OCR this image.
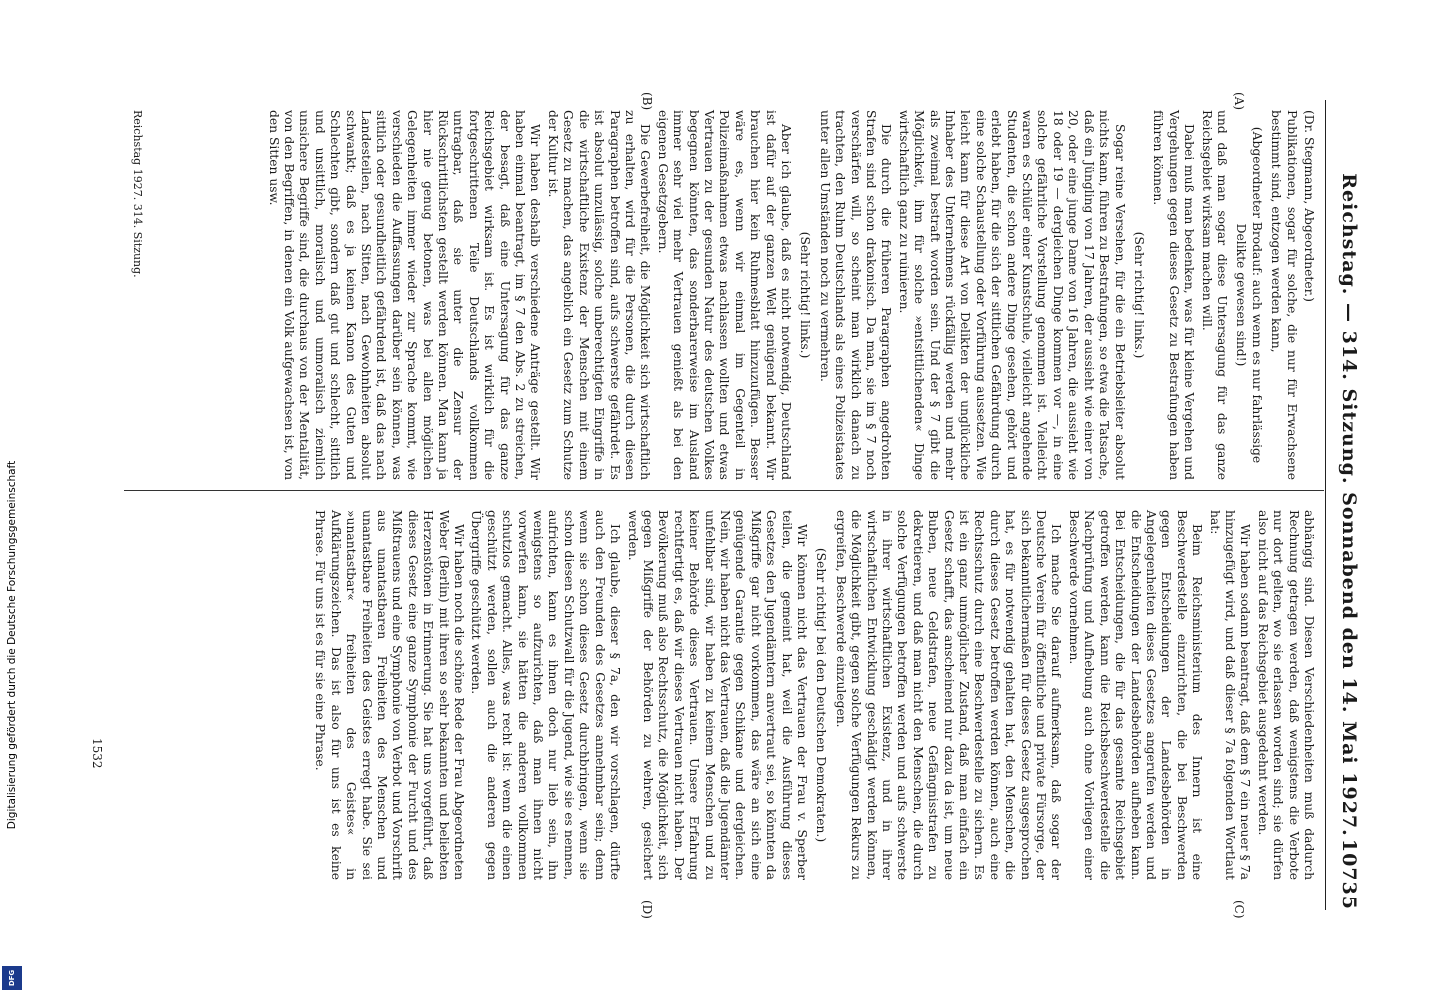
Reichstag. — 314. Sitzung. Sonnabend den 14. Mai 1927.
10735
(A)
(B)
(C)
(D)

(Dr. Stegmann, Abgeordneter.)

Publikationen, sogar für solche, die nur für Erwachsene bestimmt sind, entzogen werden kann,

(Abgeordneter Brodauf: auch wenn es nur fahrlässige Delikte gewesen sind!)

und daß man sogar diese Untersagung für das ganze Reichsgebiet wirksam machen will.

Dabei muß man bedenken, was für kleine Vergehen und Vergehungen gegen dieses Gesetz zu Bestrafungen haben führen können.

(Sehr richtig! links.)

Sogar reine Versehen, für die ein Betriebsleiter absolut nichts kann, führen zu Bestrafungen, so etwa die Tatsache, daß ein Jüngling von 17 Jahren, der aussieht wie einer von 20, oder eine junge Dame von 16 Jahren, die aussieht wie 18 oder 19 — dergleichen Dinge kommen vor —, in eine solche gefährliche Vorstellung genommen ist. Vielleicht waren es Schüler einer Kunstschule, vielleicht angehende Studenten, die schon andere Dinge gesehen, gehört und erlebt haben, für die sich der sittlichen Gefährdung durch eine solche Schaustellung oder Vorführung aussetzen. Wie leicht kann für diese Art von Delikten der unglückliche Inhaber des Unternehmens rückfällig werden und mehr als zweimal bestraft worden sein. Und der § 7 gibt die Möglichkeit, ihm für solche »entsittlichenden« Dinge wirtschaftlich ganz zu ruinieren.

Die durch die früheren Paragraphen angedrohten Strafen sind schon drakonisch. Da man, sie im § 7 noch verschärfen will, so scheint man wirklich danach zu trachten, den Ruhm Deutschlands als eines Polizeistaates unter allen Umständen noch zu vermehren.

(Sehr richtig! links.)

Aber ich glaube, daß es nicht notwendig, Deutschland ist dafür auf der ganzen Welt genügend bekannt. Wir brauchen hier kein Ruhmesblatt hinzuzufügen. Besser wäre es, wenn wir einmal im Gegenteil in Polizeimaßnahmen etwas nachlassen wollten und etwas Vertrauen zu der gesunden Natur des deutschen Volkes begegnen könnten, das sonderbarerweise im Ausland immer sehr viel mehr Vertrauen genießt als bei den eigenen Gesetzgebern.

Die Gewerbefreiheit, die Möglichkeit sich wirtschaftlich zu erhalten, wird für die Personen, die durch diesen Paragraphen betroffen sind, aufs schwerste gefährdet. Es ist absolut unzulässig, solche unberechtigten Eingriffe in die wirtschaftliche Existenz der Menschen mit einem Gesetz zu machen, das angeblich ein Gesetz zum Schutze der Kultur ist.

Wir haben deshalb verschiedene Anträge gestellt. Wir haben einmal beantragt, im § 7 den Abs. 2 zu streichen, der besagt, daß eine Untersagung für das ganze Reichsgebiet wirksam ist. Es ist wirklich für die fortgeschrittenen Teile Deutschlands vollkommen untragbar, daß sie unter die Zensur der Rückschrittlichsten gestellt werden können. Man kann ja hier nie genug betonen, was bei allen möglichen Gelegenheiten immer wieder zur Sprache kommt, wie verschieden die Auffassungen darüber sein können, was sittlich oder gesundheitlich gefährdend ist, daß das nach Landesteilen, nach Sitten, nach Gewohnheiten absolut schwankt; daß es ja keinen Kanon des Guten und Schlechten gibt, sondern daß gut und schlecht, sittlich und unsittlich, moralisch und unmoralisch ziemlich unsichere Begriffe sind, die durchaus von der Mentalität, von den Begriffen, in denen ein Volk aufgewachsen ist, von den Sitten usw.

abhängig sind. Diesen Verschiedenheiten muß dadurch Rechnung getragen werden, daß wenigstens die Verbote nur dort gelten, wo sie erlassen worden sind; sie dürfen also nicht auf das Reichsgebiet ausgedehnt werden.

Wir haben sodann beantragt, daß dem § 7 ein neuer § 7a hinzugefügt wird, und daß dieser § 7a folgenden Wortlaut hat:

Beim Reichsministerium des Innern ist eine Beschwerdestelle einzurichten, die bei Beschwerden gegen Entscheidungen der Landesbehörden in Angelegenheiten dieses Gesetzes angerufen werden und die Entscheidungen der Landesbehörden aufheben kann. Bei Entscheidungen, die für das gesamte Reichsgebiet getroffen werden, kann die Reichsbeschwerdestelle die Nachprüfung und Aufhebung auch ohne Vorliegen einer Beschwerde vornehmen.

Ich mache Sie darauf aufmerksam, daß sogar der Deutsche Verein für öffentliche und private Fürsorge, der sich bekanntlichermaßen für dieses Gesetz ausgesprochen hat, es für notwendig gehalten hat, den Menschen, die durch dieses Gesetz betroffen werden können, auch eine Rechtsschutz durch eine Beschwerdestelle zu sichern. Es ist ein ganz unmöglicher Zustand, daß man einfach ein Gesetz schafft, das anscheinend nur dazu da ist, um neue Buben, neue Geldstrafen, neue Gefängnisstrafen zu dekretieren, und daß man nicht den Menschen, die durch solche Verfügungen betroffen werden und aufs schwerste in ihrer wirtschaftlichen Existenz, und in ihrer wirtschaftlichen Entwicklung geschädigt werden können, die Möglichkeit gibt, gegen solche Verfügungen Rekurs zu ergreifen, Beschwerde einzulegen.

(Sehr richtig! bei den Deutschen Demokraten.)

Wir können nicht das Vertrauen der Frau v. Sperber teilen, die gemeint hat, weil die Ausführung dieses Gesetzes den Jugendämtern anvertraut sei, so könnten da Mißgriffe gar nicht vorkommen, das wäre an sich eine genügende Garantie gegen Schikane und dergleichen. Nein, wir haben nicht das Vertrauen, daß die Jugendämter unfehlbar sind, wir haben zu keinem Menschen und zu keiner Behörde dieses Vertrauen. Unsere Erfahrung rechtfertigt es, daß wir dieses Vertrauen nicht haben. Der Bevölkerung muß also Rechtsschutz, die Möglichkeit, sich gegen Mißgriffe der Behörden zu wehren, gesichert werden.

Ich glaube, dieser § 7a, den wir vorschlagen, dürfte auch den Freunden des Gesetzes annehmbar sein; denn wenn sie schon dieses Gesetz durchbringen, wenn sie schon diesen Schutzwall für die Jugend, wie sie es nennen, aufrichten, kann es ihnen doch nur lieb sein, ihn wenigstens so aufzurichten, daß man ihnen nicht vorwerfen kann, sie hätten die anderen vollkommen schutzlos gemacht. Alles, was recht ist: wenn die einen geschützt werden, sollen auch die anderen gegen Übergriffe geschützt werden.

Wir haben noch die schöne Rede der Frau Abgeordneten Weber (Berlin) mit ihren so sehr bekannten und beliebten Herzenstönen in Erinnerung. Sie hat uns vorgeführt, daß dieses Gesetz eine ganze Symphonie der Furcht und des Mißtrauens und eine Symphonie von Verbot und Vorschrift aus unantastbaren Freiheiten des Menschen und unantastbare Freiheiten des Geistes erregt habe. Sie sei »unantastbar« freiheiten des Geistes« in Aufklärungszeichen. Das ist also für uns ist es keine Phrase. Für uns ist es für sie eine Phrase.

Reichstag 1927. 314. Sitzung.
1532
Digitalisierung gefördert durch die Deutsche Forschungsgemeinschaft
DFG
